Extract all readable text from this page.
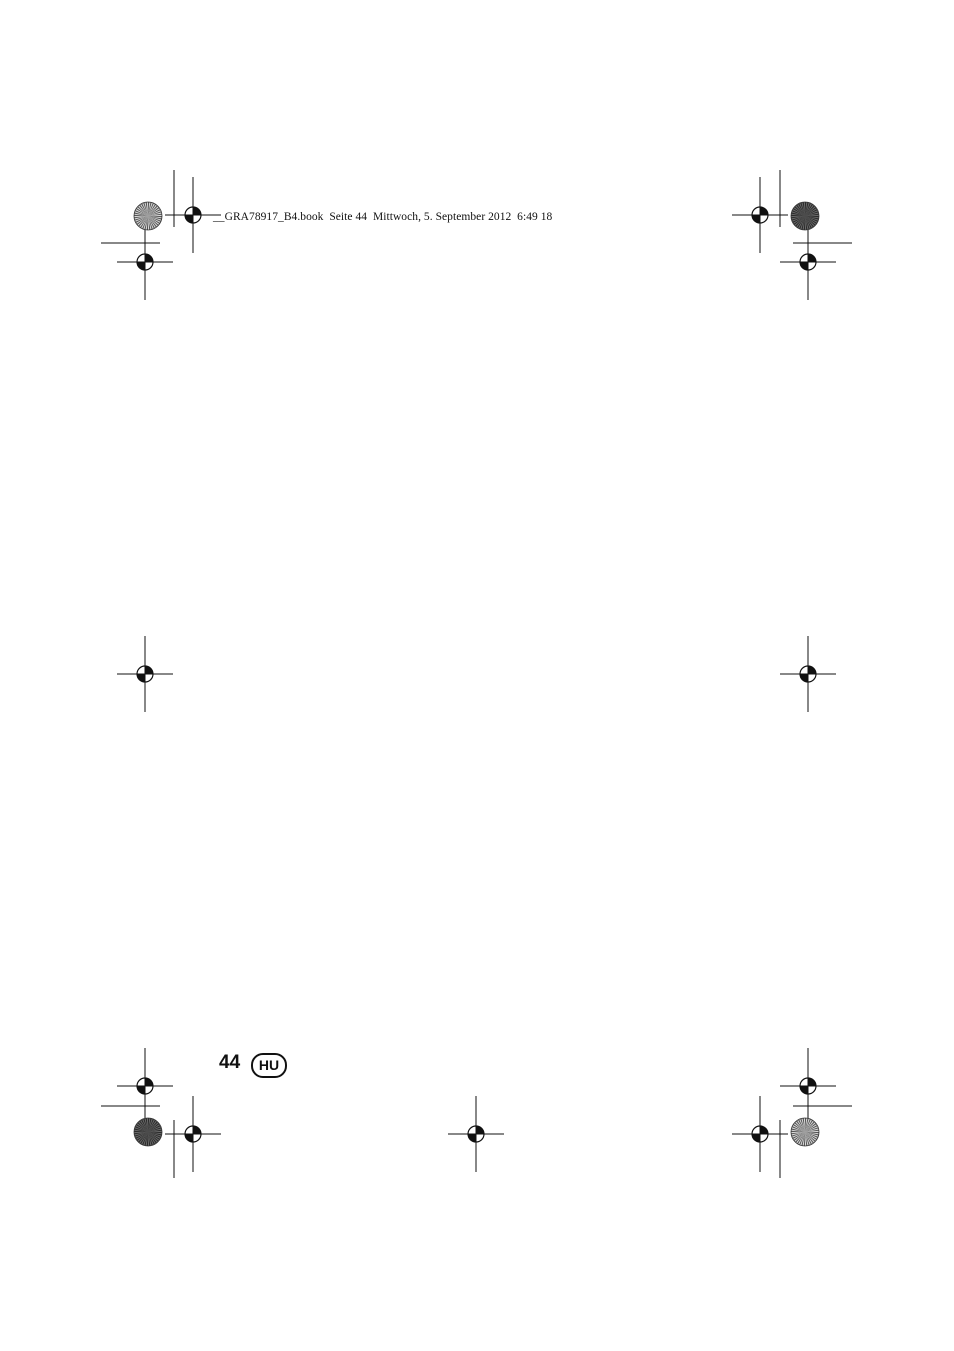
__GRA78917_B4.book  Seite 44  Mittwoch, 5. September 2012  6:49 18
44	HU
